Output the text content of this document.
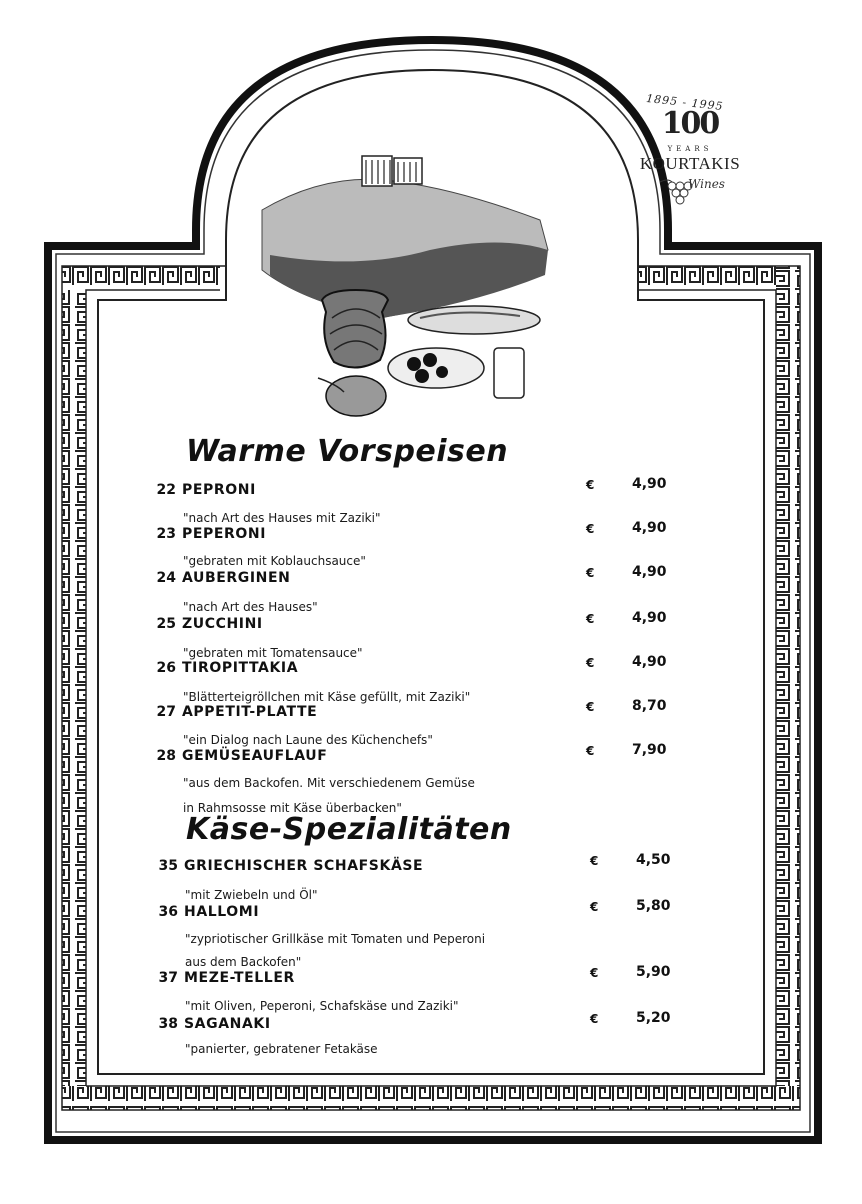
1895 - 1995
100
YEARS
KOURTAKIS
Wines
Warme Vorspeisen
Käse-Spezialitäten
22 PEPRONI
"nach Art des Hauses mit Zaziki"
€	4,90
23 PEPERONI
"gebraten mit Koblauchsauce"
€	4,90
24 AUBERGINEN
"nach Art des Hauses"
€	4,90
25 ZUCCHINI
"gebraten mit Tomatensauce"
€	4,90
26 TIROPITTAKIA
"Blätterteigröllchen mit Käse gefüllt, mit Zaziki"
€	4,90
27 APPETIT-PLATTE
"ein Dialog nach Laune des Küchenchefs"
€	8,70
28 GEMÜSEAUFLAUF
"aus dem Backofen. Mit verschiedenem Gemüse
in Rahmsosse mit Käse überbacken"
€	7,90
35 GRIECHISCHER SCHAFSKÄSE
"mit Zwiebeln und Öl"
€	4,50
36 HALLOMI
"zypriotischer Grillkäse mit Tomaten und Peperoni
aus dem Backofen"
€	5,80
37 MEZE-TELLER
"mit Oliven, Peperoni, Schafskäse und Zaziki"
€	5,90
38 SAGANAKI
"panierter, gebratener Fetakäse
€	5,20
